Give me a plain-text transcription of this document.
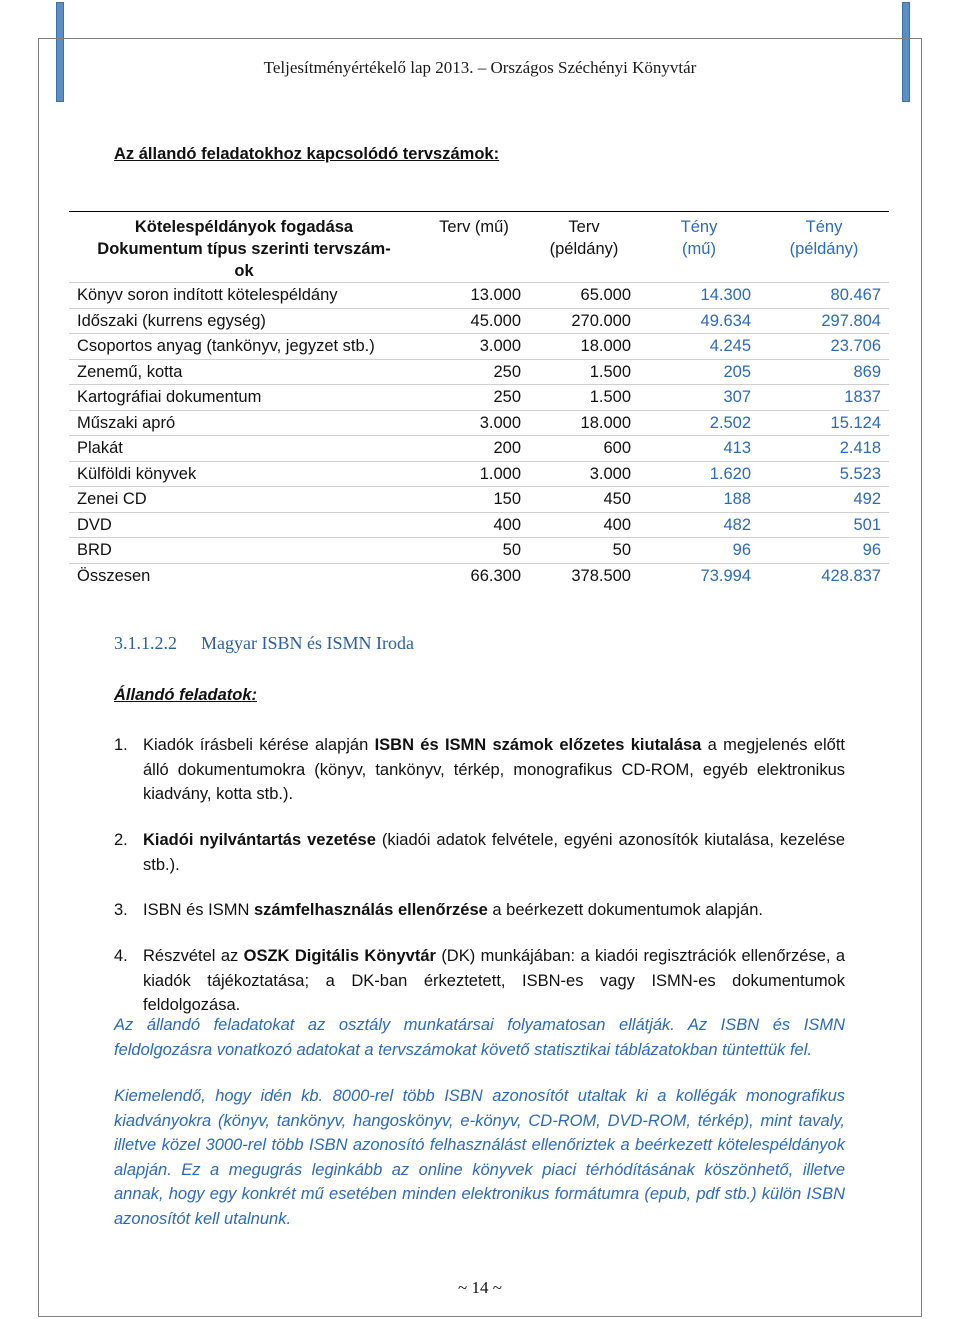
Teljesítményértékelő lap 2013. – Országos Széchényi Könyvtár
Az állandó feladatokhoz kapcsolódó tervszámok:
Kötelespéldányok fogadása
Dokumentum típus szerinti tervszám-
ok	Terv (mű)	Terv (példány)	Tény (mű)	Tény (példány)

Könyv soron indított kötelespéldány	13.000	65.000	14.300	80.467
Időszaki (kurrens egység)	45.000	270.000	49.634	297.804
Csoportos anyag (tankönyv, jegyzet stb.)	3.000	18.000	4.245	23.706
Zenemű, kotta	250	1.500	205	869
Kartográfiai dokumentum	250	1.500	307	1837
Műszaki apró	3.000	18.000	2.502	15.124
Plakát	200	600	413	2.418
Külföldi könyvek	1.000	3.000	1.620	5.523
Zenei CD	150	450	188	492
DVD	400	400	482	501
BRD	50	50	96	96
Összesen	66.300	378.500	73.994	428.837
3.1.1.2.2 Magyar ISBN és ISMN Iroda
Állandó feladatok:
1. Kiadók írásbeli kérése alapján ISBN és ISMN számok előzetes kiutalása a megjelenés előtt álló dokumentumokra (könyv, tankönyv, térkép, monografikus CD-ROM, egyéb elektronikus kiadvány, kotta stb.).
2. Kiadói nyilvántartás vezetése (kiadói adatok felvétele, egyéni azonosítók kiutalása, kezelése stb.).
3. ISBN és ISMN számfelhasználás ellenőrzése a beérkezett dokumentumok alapján.
4. Részvétel az OSZK Digitális Könyvtár (DK) munkájában: a kiadói regisztrációk ellenőrzése, a kiadók tájékoztatása; a DK-ban érkeztetett, ISBN-es vagy ISMN-es dokumentumok feldolgozása.
Az állandó feladatokat az osztály munkatársai folyamatosan ellátják. Az ISBN és ISMN feldolgozásra vonatkozó adatokat a tervszámokat követő statisztikai táblázatokban tüntettük fel.
Kiemelendő, hogy idén kb. 8000-rel több ISBN azonosítót utaltak ki a kollégák monografikus kiadványokra (könyv, tankönyv, hangoskönyv, e-könyv, CD-ROM, DVD-ROM, térkép), mint tavaly, illetve közel 3000-rel több ISBN azonosító felhasználást ellenőriztek a beérkezett kötelespéldányok alapján. Ez a megugrás leginkább az online könyvek piaci térhódításának köszönhető, illetve annak, hogy egy konkrét mű esetében minden elektronikus formátumra (epub, pdf stb.) külön ISBN azonosítót kell utalnunk.
~ 14 ~
